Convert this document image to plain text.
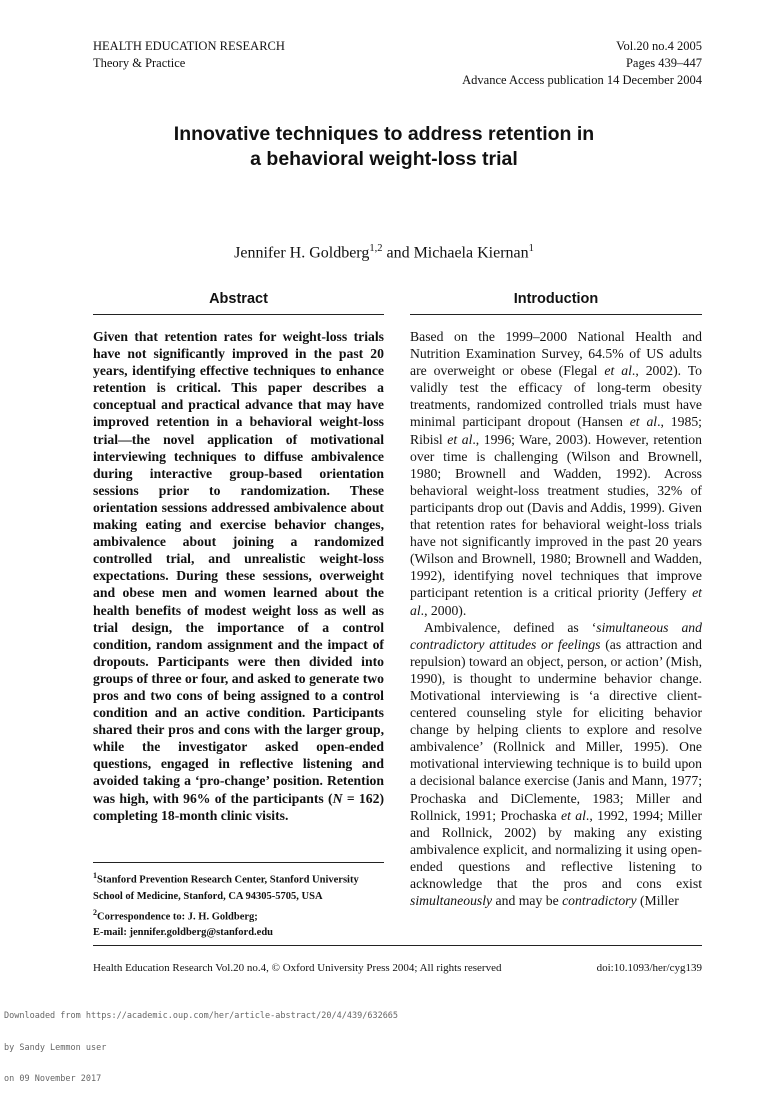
HEALTH EDUCATION RESEARCH
Theory & Practice
Vol.20 no.4 2005
Pages 439–447
Advance Access publication 14 December 2004
Innovative techniques to address retention in
a behavioral weight-loss trial
Jennifer H. Goldberg$^{1,2}$ and Michaela Kiernan$^1$
Abstract	Introduction

Given that retention rates for weight-loss trials have not significantly improved in the past 20 years, identifying effective techniques to enhance retention is critical. This paper describes a conceptual and practical advance that may have improved retention in a behavioral weight-loss trial—the novel application of motivational interviewing techniques to diffuse ambivalence during interactive group-based orientation sessions prior to randomization. These orientation sessions addressed ambivalence about making eating and exercise behavior changes, ambivalence about joining a randomized controlled trial, and unrealistic weight-loss expectations. During these sessions, overweight and obese men and women learned about the health benefits of modest weight loss as well as trial design, the importance of a control condition, random assignment and the impact of dropouts. Participants were then divided into groups of three or four, and asked to generate two pros and two cons of being assigned to a control condition and an active condition. Participants shared their pros and cons with the larger group, while the investigator asked open-ended questions, engaged in reflective listening and avoided taking a ‘pro-change’ position. Retention was high, with 96% of the participants (N = 162) completing 18-month clinic visits.

$^1$Stanford Prevention Research Center, Stanford University School of Medicine, Stanford, CA 94305-5705, USA
$^2$Correspondence to: J. H. Goldberg;
E-mail: jennifer.goldberg@stanford.edu

Based on the 1999–2000 National Health and Nutrition Examination Survey, 64.5% of US adults are overweight or obese (Flegal et al., 2002). To validly test the efficacy of long-term obesity treatments, randomized controlled trials must have minimal participant dropout (Hansen et al., 1985; Ribisl et al., 1996; Ware, 2003). However, retention over time is challenging (Wilson and Brownell, 1980; Brownell and Wadden, 1992). Across behavioral weight-loss treatment studies, 32% of participants drop out (Davis and Addis, 1999). Given that retention rates for behavioral weight-loss trials have not significantly improved in the past 20 years (Wilson and Brownell, 1980; Brownell and Wadden, 1992), identifying novel techniques that improve participant retention is a critical priority (Jeffery et al., 2000).

Ambivalence, defined as ‘simultaneous and contradictory attitudes or feelings (as attraction and repulsion) toward an object, person, or action’ (Mish, 1990), is thought to undermine behavior change. Motivational interviewing is ‘a directive client-centered counseling style for eliciting behavior change by helping clients to explore and resolve ambivalence’ (Rollnick and Miller, 1995). One motivational interviewing technique is to build upon a decisional balance exercise (Janis and Mann, 1977; Prochaska and DiClemente, 1983; Miller and Rollnick, 1991; Prochaska et al., 1992, 1994; Miller and Rollnick, 2002) by making any existing ambivalence explicit, and normalizing it using open-ended questions and reflective listening to acknowledge that the pros and cons exist simultaneously and may be contradictory (Miller

Health Education Research Vol.20 no.4, © Oxford University Press 2004; All rights reserved	doi:10.1093/her/cyg139

Downloaded from https://academic.oup.com/her/article-abstract/20/4/439/632665

by Sandy Lemmon user

on 09 November 2017
